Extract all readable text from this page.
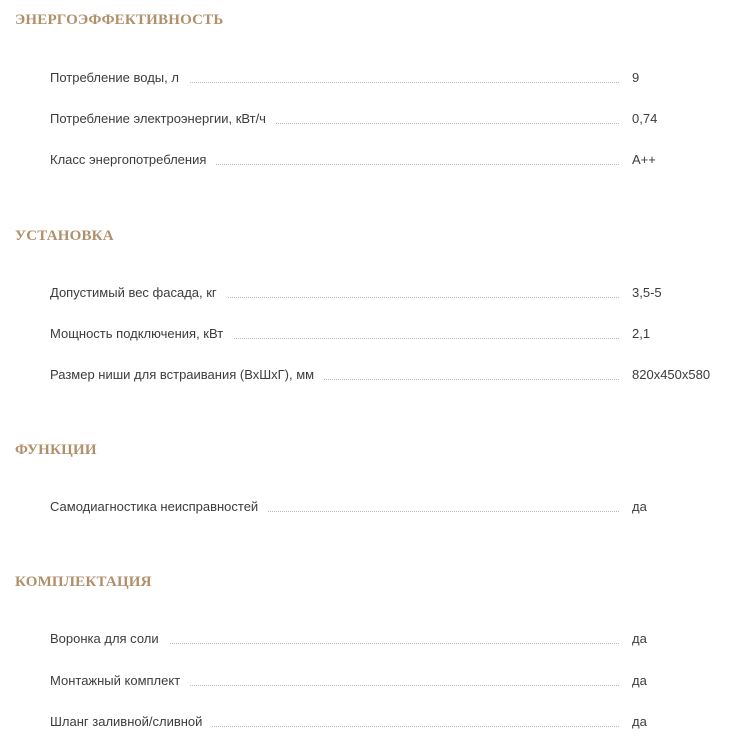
ЭНЕРГОЭФФЕКТИВНОСТЬ
Потребление воды, л	9
Потребление электроэнергии, кВт/ч	0,74
Класс энергопотребления	A++
УСТАНОВКА
Допустимый вес фасада, кг	3,5-5
Мощность подключения, кВт	2,1
Размер ниши для встраивания (ВхШхГ), мм	820x450x580
ФУНКЦИИ
Самодиагностика неисправностей	да
КОМПЛЕКТАЦИЯ
Воронка для соли	да
Монтажный комплект	да
Шланг заливной/сливной	да
